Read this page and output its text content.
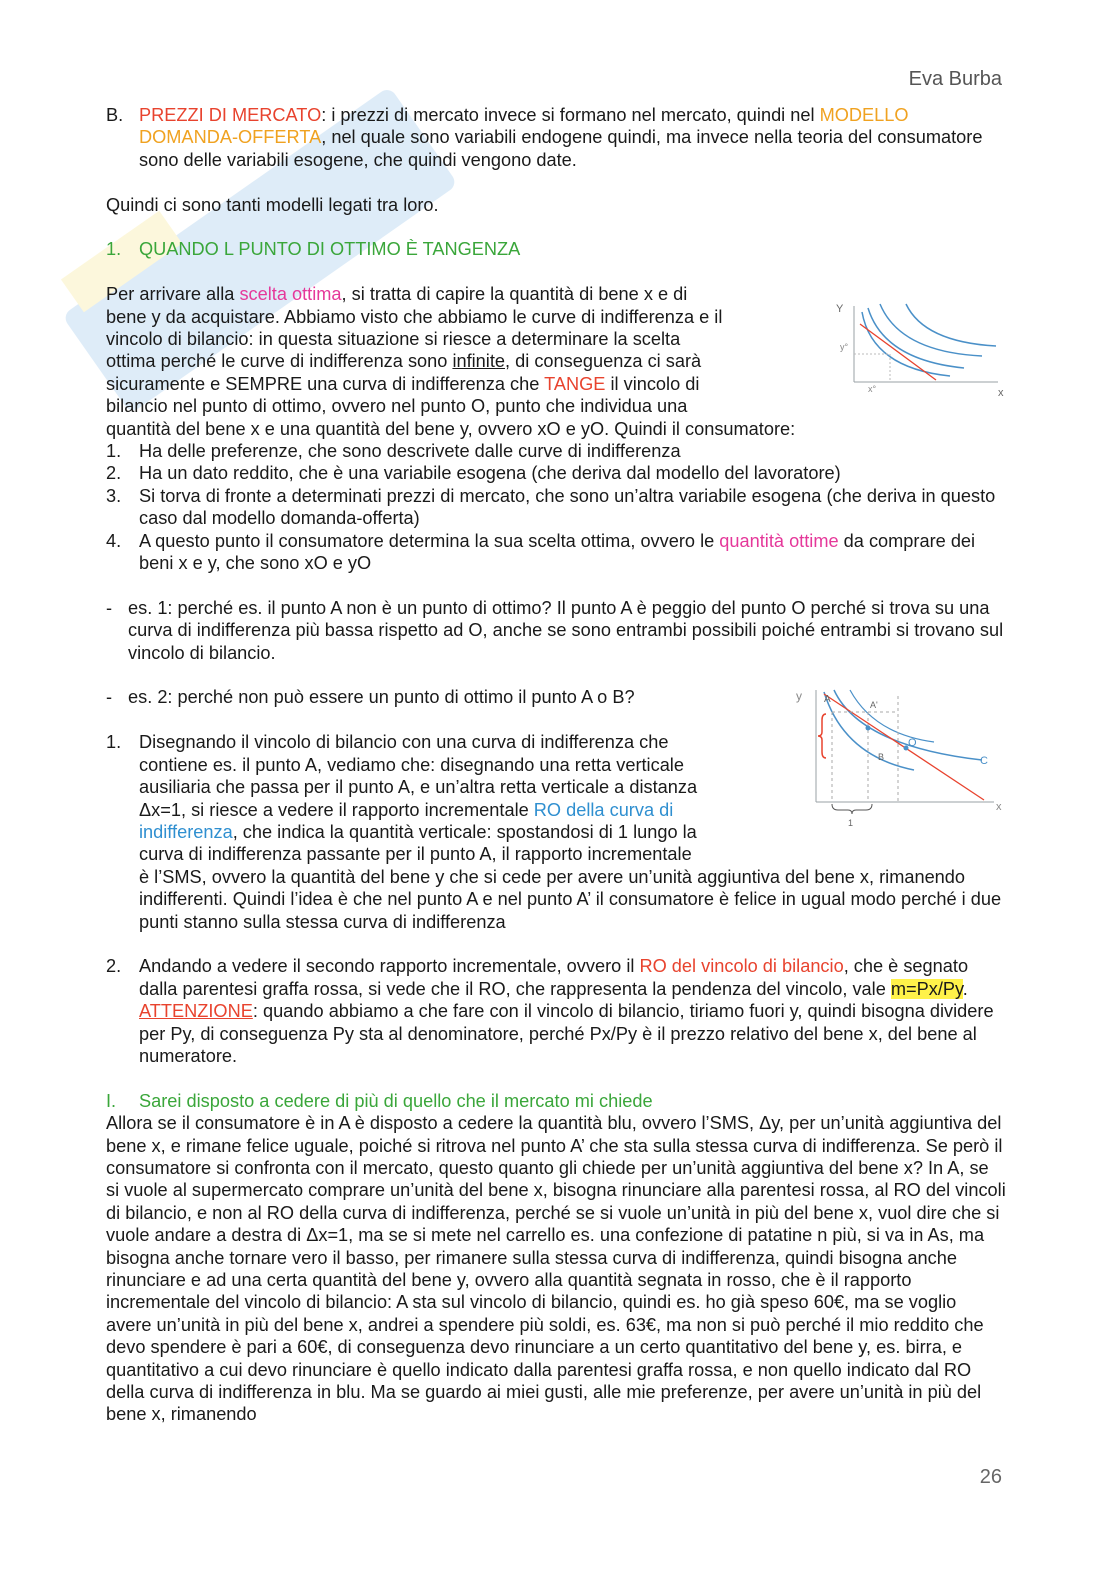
Eva Burba
Y
x
y°
x°
y
x
1
A	A'
B
O
C
B. PREZZI DI MERCATO: i prezzi di mercato invece si formano nel mercato, quindi nel MODELLO DOMANDA-OFFERTA, nel quale sono variabili endogene quindi, ma invece nella teoria del consumatore sono delle variabili esogene, che quindi vengono date.

Quindi ci sono tanti modelli legati tra loro.

1. QUANDO L PUNTO DI OTTIMO È TANGENZA

Per arrivare alla scelta ottima, si tratta di capire la quantità di bene x e di

bene y da acquistare. Abbiamo visto che abbiamo le curve di indifferenza e il

vincolo di bilancio: in questa situazione si riesce a determinare la scelta

ottima perché le curve di indifferenza sono infinite, di conseguenza ci sarà

sicuramente e SEMPRE una curva di indifferenza che TANGE il vincolo di

bilancio nel punto di ottimo, ovvero nel punto O, punto che individua una

quantità del bene x e una quantità del bene y, ovvero xO e yO. Quindi il consumatore:

1. Ha delle preferenze, che sono descrivete dalle curve di indifferenza

2. Ha un dato reddito, che è una variabile esogena (che deriva dal modello del lavoratore)

3. Si torva di fronte a determinati prezzi di mercato, che sono un’altra variabile esogena (che deriva in questo caso dal modello domanda-offerta)

4. A questo punto il consumatore determina la sua scelta ottima, ovvero le quantità ottime da comprare dei beni x e y, che sono xO e yO

- es. 1: perché es. il punto A non è un punto di ottimo? Il punto A è peggio del punto O perché si trova su una curva di indifferenza più bassa rispetto ad O, anche se sono entrambi possibili poiché entrambi si trovano sul vincolo di bilancio.

- es. 2: perché non può essere un punto di ottimo il punto A o B?

1. Disegnando il vincolo di bilancio con una curva di indifferenza che

contiene es. il punto A, vediamo che: disegnando una retta verticale

ausiliaria che passa per il punto A, e un’altra retta verticale a distanza

Δx=1, si riesce a vedere il rapporto incrementale RO della curva di

indifferenza, che indica la quantità verticale: spostandosi di 1 lungo la

curva di indifferenza passante per il punto A, il rapporto incrementale

è l’SMS, ovvero la quantità del bene y che si cede per avere un’unità aggiuntiva del bene x, rimanendo indifferenti. Quindi l’idea è che nel punto A e nel punto A’ il consumatore è felice in ugual modo perché i due punti stanno sulla stessa curva di indifferenza

2. Andando a vedere il secondo rapporto incrementale, ovvero il RO del vincolo di bilancio, che è segnato dalla parentesi graffa rossa, si vede che il RO, che rappresenta la pendenza del vincolo, vale m=Px/Py. ATTENZIONE: quando abbiamo a che fare con il vincolo di bilancio, tiriamo fuori y, quindi bisogna dividere per Py, di conseguenza Py sta al denominatore, perché Px/Py è il prezzo relativo del bene x, del bene al numeratore.

I. Sarei disposto a cedere di più di quello che il mercato mi chiede

Allora se il consumatore è in A è disposto a cedere la quantità blu, ovvero l’SMS, Δy, per un’unità aggiuntiva del bene x, e rimane felice uguale, poiché si ritrova nel punto A’ che sta sulla stessa curva di indifferenza. Se però il consumatore si confronta con il mercato, questo quanto gli chiede per un’unità aggiuntiva del bene x? In A, se si vuole al supermercato comprare un’unità del bene x, bisogna rinunciare alla parentesi rossa, al RO del vincoli di bilancio, e non al RO della curva di indifferenza, perché se si vuole un’unità in più del bene x, vuol dire che si vuole andare a destra di Δx=1, ma se si mete nel carrello es. una confezione di patatine n più, si va in As, ma bisogna anche tornare vero il basso, per rimanere sulla stessa curva di indifferenza, quindi bisogna anche rinunciare e ad una certa quantità del bene y, ovvero alla quantità segnata in rosso, che è il rapporto incrementale del vincolo di bilancio: A sta sul vincolo di bilancio, quindi es. ho già speso 60€, ma se voglio avere un’unità in più del bene x, andrei a spendere più soldi, es. 63€, ma non si può perché il mio reddito che devo spendere è pari a 60€, di conseguenza devo rinunciare a un certo quantitativo del bene y, es. birra, e quantitativo a cui devo rinunciare è quello indicato dalla parentesi graffa rossa, e non quello indicato dal RO della curva di indifferenza in blu. Ma se guardo ai miei gusti, alle mie preferenze, per avere un’unità in più del bene x, rimanendo

26
